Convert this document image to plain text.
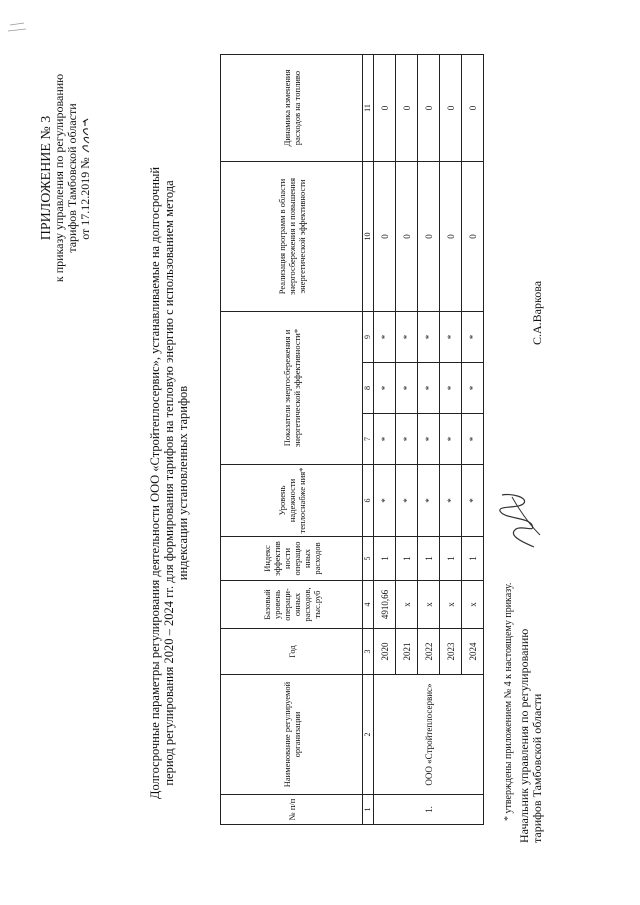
ПРИЛОЖЕНИЕ № 3
к приказу управления по регулированию тарифов Тамбовской области от 17.12.2019 №	Долгосрочные параметры регулирования деятельности ООО «Стройтеплосервис», устанавливаемые на долгосрочный период регулирования 2020 – 2024 гг. для формирования тарифов на тепловую энергию с использованием метода индексации установленных тарифов
№ п/п	Наименование регулируемой организации	Год	Базовый уровень операци-онных расходов, тыс.руб	Индекс эффектив ности операцио нных расходов	Уровень надежности теплоснабже ния*	Показатели энергосбережения и энергетической эффективности*			Реализация программ в области энергосбережения и повышения энергетической эффективности	Динамика изменения расходов на топливо
1	2	3	4	5	6	7	8	9	10	11
1.	ООО «Стройтеплосервис»	2020	4910,66	1	*	*	*	*	0	0
		2021	х	1	*	*	*	*	0	0
		2022	х	1	*	*	*	*	0	0
		2023	х	1	*	*	*	*	0	0
		2024	х	1	*	*	*	*	0	0
* утверждены приложением № 4 к настоящему приказу. Начальник управления по регулированию тарифов Тамбовской области
С.А.Варкова
